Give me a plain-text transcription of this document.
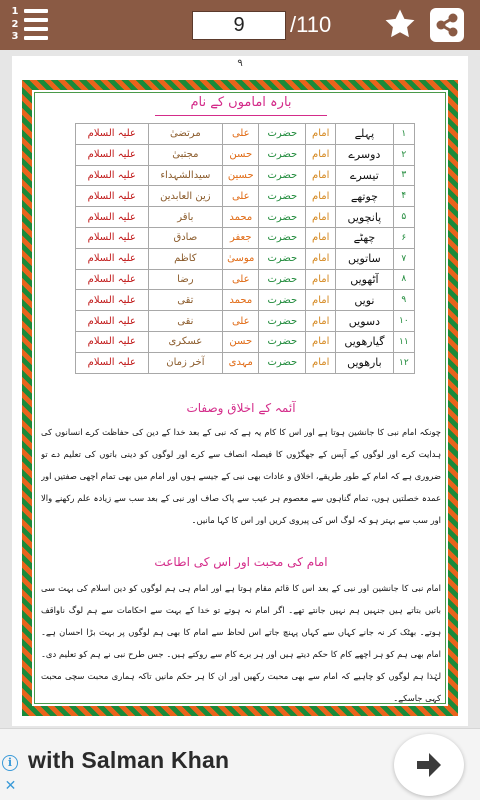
1
2
3
9	/110
۹
بارہ اماموں کے نام
۱	پہلے	امام	حضرت	علی	مرتضیٰ	علیہ السلام
۲	دوسرے	امام	حضرت	حسن	مجتبیٰ	علیہ السلام
۳	تیسرے	امام	حضرت	حسین	سیدالشہداء	علیہ السلام
۴	چوتھے	امام	حضرت	علی	زین العابدین	علیہ السلام
۵	پانچویں	امام	حضرت	محمد	باقر	علیہ السلام
۶	چھٹے	امام	حضرت	جعفر	صادق	علیہ السلام
۷	ساتویں	امام	حضرت	موسیٰ	کاظم	علیہ السلام
۸	آٹھویں	امام	حضرت	علی	رضا	علیہ السلام
۹	نویں	امام	حضرت	محمد	تقی	علیہ السلام
۱۰	دسویں	امام	حضرت	علی	نقی	علیہ السلام
۱۱	گیارھویں	امام	حضرت	حسن	عسکری	علیہ السلام
۱۲	بارھویں	امام	حضرت	مہدی	آخر زمان	علیہ السلام
آئمہ کے اخلاق وصفات
چونکہ امام نبی کا جانشین ہوتا ہے اور اس کا کام یہ ہے کہ نبی کے بعد خدا کے دین کی حفاظت کرے انسانوں کی ہدایت کرے اور لوگوں کے آپس کے جھگڑوں کا فیصلہ انصاف سے کرے اور لوگوں کو دینی باتوں کی تعلیم دے تو ضروری ہے کہ امام کے طور طریقے، اخلاق و عادات بھی نبی کے جیسے ہوں اور امام میں بھی تمام اچھی صفتیں اور عمدہ خصلتیں ہوں، تمام گناہوں سے معصوم ہر عیب سے پاک صاف اور نبی کے بعد سب سے زیادہ علم رکھنے والا اور سب سے بہتر ہو کہ لوگ اس کی پیروی کریں اور اس کا کہا مانیں۔
امام کی محبت اور اس کی اطاعت
امام نبی کا جانشین اور نبی کے بعد اس کا قائم مقام ہوتا ہے اور امام ہی ہم لوگوں کو دین اسلام کی بہت سی باتیں بتاتے ہیں جنہیں ہم نہیں جانتے تھے۔ اگر امام نہ ہوتے تو خدا کے بہت سے احکامات سے ہم لوگ ناواقف ہوتے۔ بھٹک کر نہ جانے کہاں سے کہاں پہنچ جاتے اس لحاظ سے امام کا بھی ہم لوگوں پر بہت بڑا احسان ہے۔ امام بھی ہم کو ہر اچھے کام کا حکم دیتے ہیں اور ہر برے کام سے روکتے ہیں۔ جس طرح نبی نے ہم کو تعلیم دی۔ لہٰذا ہم لوگوں کو چاہیے کہ امام سے بھی محبت رکھیں اور ان کا ہر حکم مانیں تاکہ ہماری محبت سچی محبت کہی جاسکے۔
i
✕
with Salman Khan
